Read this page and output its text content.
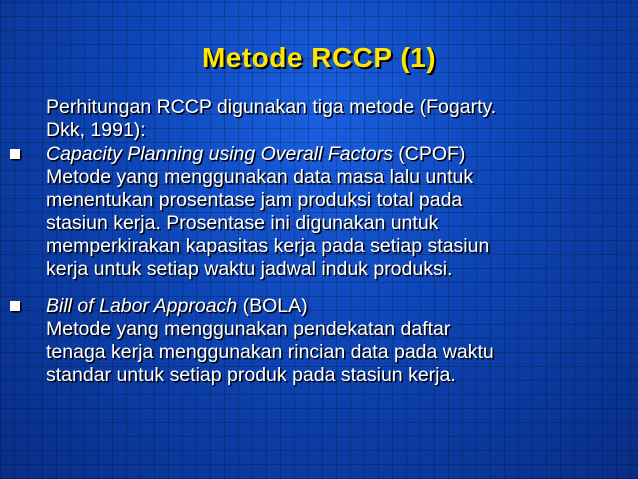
Metode RCCP (1)
Perhitungan RCCP digunakan tiga metode (Fogarty.
Dkk, 1991):
Capacity Planning using Overall Factors (CPOF)
Metode yang menggunakan data masa lalu untuk
menentukan prosentase jam produksi total pada
stasiun kerja. Prosentase ini digunakan untuk
memperkirakan kapasitas kerja pada setiap stasiun
kerja untuk setiap waktu jadwal induk produksi.
Bill of Labor Approach (BOLA)
Metode yang menggunakan pendekatan daftar
tenaga kerja menggunakan rincian data pada waktu
standar untuk setiap produk pada stasiun kerja.
